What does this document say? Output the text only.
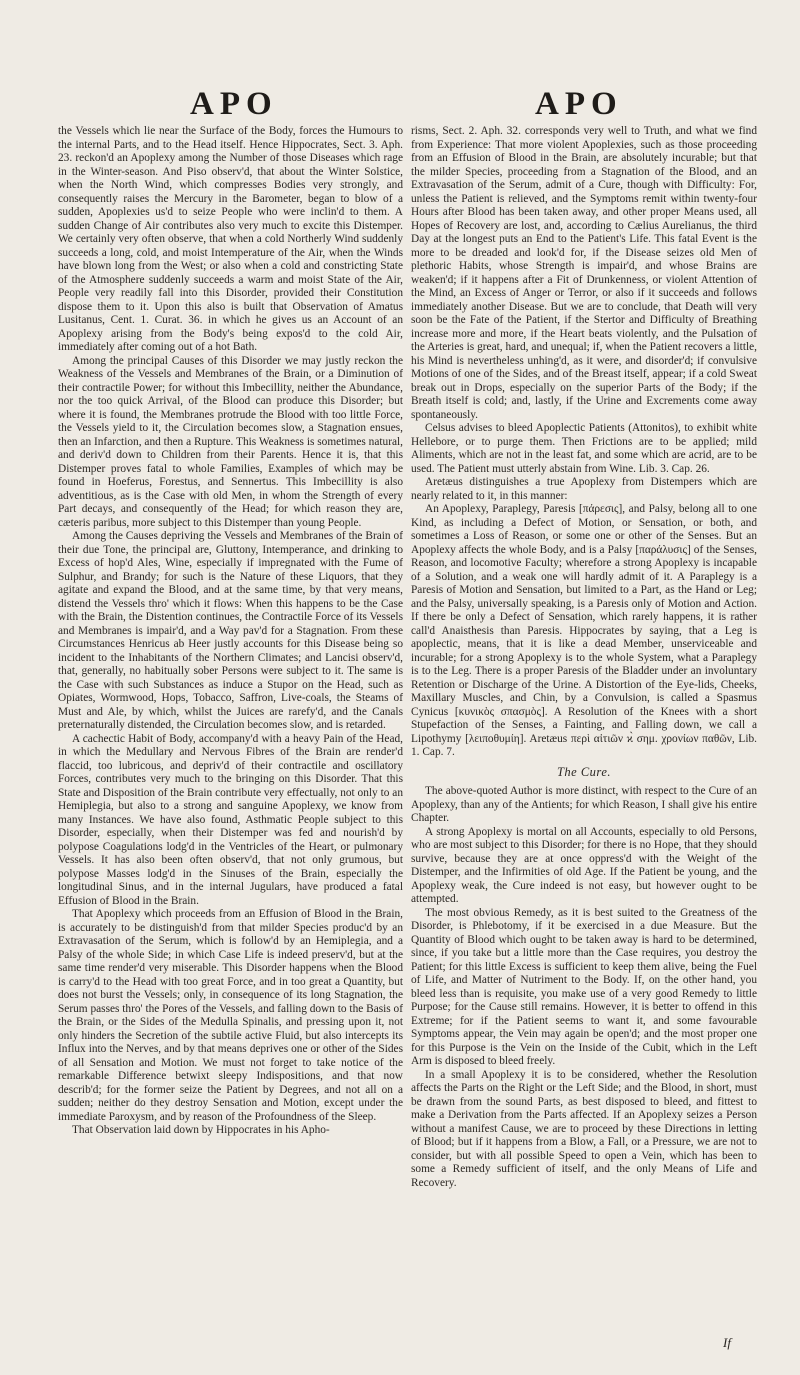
APO	APO

the Vessels which lie near the Surface of the Body, forces the Humours to the internal Parts, and to the Head itself. Hence Hippocrates, Sect. 3. Aph. 23. reckon'd an Apoplexy among the Number of those Diseases which rage in the Winter-season. And Piso observ'd, that about the Winter Solstice, when the North Wind, which compresses Bodies very strongly, and consequently raises the Mercury in the Barometer, began to blow of a sudden, Apoplexies us'd to seize People who were inclin'd to them. A sudden Change of Air contributes also very much to excite this Distemper. We certainly very often observe, that when a cold Northerly Wind suddenly succeeds a long, cold, and moist Intemperature of the Air, when the Winds have blown long from the West; or also when a cold and constricting State of the Atmosphere suddenly succeeds a warm and moist State of the Air, People very readily fall into this Disorder, provided their Constitution dispose them to it. Upon this also is built that Observation of Amatus Lusitanus, Cent. 1. Curat. 36. in which he gives us an Account of an Apoplexy arising from the Body's being expos'd to the cold Air, immediately after coming out of a hot Bath.

Among the principal Causes of this Disorder we may justly reckon the Weakness of the Vessels and Membranes of the Brain, or a Diminution of their contractile Power; for without this Imbecillity, neither the Abundance, nor the too quick Arrival, of the Blood can produce this Disorder; but where it is found, the Membranes protrude the Blood with too little Force, the Vessels yield to it, the Circulation becomes slow, a Stagnation ensues, then an Infarction, and then a Rupture. This Weakness is sometimes natural, and deriv'd down to Children from their Parents. Hence it is, that this Distemper proves fatal to whole Families, Examples of which may be found in Hoeferus, Forestus, and Sennertus. This Imbecillity is also adventitious, as is the Case with old Men, in whom the Strength of every Part decays, and consequently of the Head; for which reason they are, cæteris paribus, more subject to this Distemper than young People.

Among the Causes depriving the Vessels and Membranes of the Brain of their due Tone, the principal are, Gluttony, Intemperance, and drinking to Excess of hop'd Ales, Wine, especially if impregnated with the Fume of Sulphur, and Brandy; for such is the Nature of these Liquors, that they agitate and expand the Blood, and at the same time, by that very means, distend the Vessels thro' which it flows: When this happens to be the Case with the Brain, the Distention continues, the Contractile Force of its Vessels and Membranes is impair'd, and a Way pav'd for a Stagnation. From these Circumstances Henricus ab Heer justly accounts for this Disease being so incident to the Inhabitants of the Northern Climates; and Lancisi observ'd, that, generally, no habitually sober Persons were subject to it. The same is the Case with such Substances as induce a Stupor on the Head, such as Opiates, Wormwood, Hops, Tobacco, Saffron, Live-coals, the Steams of Must and Ale, by which, whilst the Juices are rarefy'd, and the Canals preternaturally distended, the Circulation becomes slow, and is retarded.

A cachectic Habit of Body, accompany'd with a heavy Pain of the Head, in which the Medullary and Nervous Fibres of the Brain are render'd flaccid, too lubricous, and depriv'd of their contractile and oscillatory Forces, contributes very much to the bringing on this Disorder. That this State and Disposition of the Brain contribute very effectually, not only to an Hemiplegia, but also to a strong and sanguine Apoplexy, we know from many Instances. We have also found, Asthmatic People subject to this Disorder, especially, when their Distemper was fed and nourish'd by polypose Coagulations lodg'd in the Ventricles of the Heart, or pulmonary Vessels. It has also been often observ'd, that not only grumous, but polypose Masses lodg'd in the Sinuses of the Brain, especially the longitudinal Sinus, and in the internal Jugulars, have produced a fatal Effusion of Blood in the Brain.

That Apoplexy which proceeds from an Effusion of Blood in the Brain, is accurately to be distinguish'd from that milder Species produc'd by an Extravasation of the Serum, which is follow'd by an Hemiplegia, and a Palsy of the whole Side; in which Case Life is indeed preserv'd, but at the same time render'd very miserable. This Disorder happens when the Blood is carry'd to the Head with too great Force, and in too great a Quantity, but does not burst the Vessels; only, in consequence of its long Stagnation, the Serum passes thro' the Pores of the Vessels, and falling down to the Basis of the Brain, or the Sides of the Medulla Spinalis, and pressing upon it, not only hinders the Secretion of the subtile active Fluid, but also intercepts its Influx into the Nerves, and by that means deprives one or other of the Sides of all Sensation and Motion. We must not forget to take notice of the remarkable Difference betwixt sleepy Indispositions, and that now describ'd; for the former seize the Patient by Degrees, and not all on a sudden; neither do they destroy Sensation and Motion, except under the immediate Paroxysm, and by reason of the Profoundness of the Sleep.

That Observation laid down by Hippocrates in his Apho-

risms, Sect. 2. Aph. 32. corresponds very well to Truth, and what we find from Experience: That more violent Apoplexies, such as those proceeding from an Effusion of Blood in the Brain, are absolutely incurable; but that the milder Species, proceeding from a Stagnation of the Blood, and an Extravasation of the Serum, admit of a Cure, though with Difficulty: For, unless the Patient is relieved, and the Symptoms remit within twenty-four Hours after Blood has been taken away, and other proper Means used, all Hopes of Recovery are lost, and, according to Cælius Aurelianus, the third Day at the longest puts an End to the Patient's Life. This fatal Event is the more to be dreaded and look'd for, if the Disease seizes old Men of plethoric Habits, whose Strength is impair'd, and whose Brains are weaken'd; if it happens after a Fit of Drunkenness, or violent Attention of the Mind, an Excess of Anger or Terror, or also if it succeeds and follows immediately another Disease. But we are to conclude, that Death will very soon be the Fate of the Patient, if the Stertor and Difficulty of Breathing increase more and more, if the Heart beats violently, and the Pulsation of the Arteries is great, hard, and unequal; if, when the Patient recovers a little, his Mind is nevertheless unhing'd, as it were, and disorder'd; if convulsive Motions of one of the Sides, and of the Breast itself, appear; if a cold Sweat break out in Drops, especially on the superior Parts of the Body; if the Breath itself is cold; and, lastly, if the Urine and Excrements come away spontaneously.

Celsus advises to bleed Apoplectic Patients (Attonitos), to exhibit white Hellebore, or to purge them. Then Frictions are to be applied; mild Aliments, which are not in the least fat, and some which are acrid, are to be used. The Patient must utterly abstain from Wine. Lib. 3. Cap. 26.

Aretæus distinguishes a true Apoplexy from Distempers which are nearly related to it, in this manner:

An Apoplexy, Paraplegy, Paresis [πάρεσις], and Palsy, belong all to one Kind, as including a Defect of Motion, or Sensation, or both, and sometimes a Loss of Reason, or some one or other of the Senses. But an Apoplexy affects the whole Body, and is a Palsy [παράλυσις] of the Senses, Reason, and locomotive Faculty; wherefore a strong Apoplexy is incapable of a Solution, and a weak one will hardly admit of it. A Paraplegy is a Paresis of Motion and Sensation, but limited to a Part, as the Hand or Leg; and the Palsy, universally speaking, is a Paresis only of Motion and Action. If there be only a Defect of Sensation, which rarely happens, it is rather call'd Anaisthesis than Paresis. Hippocrates by saying, that a Leg is apoplectic, means, that it is like a dead Member, unserviceable and incurable; for a strong Apoplexy is to the whole System, what a Paraplegy is to the Leg. There is a proper Paresis of the Bladder under an involuntary Retention or Discharge of the Urine. A Distortion of the Eye-lids, Cheeks, Maxillary Muscles, and Chin, by a Convulsion, is called a Spasmus Cynicus [κυνικὸς σπασμὸς]. A Resolution of the Knees with a short Stupefaction of the Senses, a Fainting, and Falling down, we call a Lipothymy [λειποθυμίη]. Aretæus περὶ αἰτιῶν ϰ̀ σημ. χρονίων παθῶν, Lib. 1. Cap. 7.

The Cure.

The above-quoted Author is more distinct, with respect to the Cure of an Apoplexy, than any of the Antients; for which Reason, I shall give his entire Chapter.

A strong Apoplexy is mortal on all Accounts, especially to old Persons, who are most subject to this Disorder; for there is no Hope, that they should survive, because they are at once oppress'd with the Weight of the Distemper, and the Infirmities of old Age. If the Patient be young, and the Apoplexy weak, the Cure indeed is not easy, but however ought to be attempted.

The most obvious Remedy, as it is best suited to the Greatness of the Disorder, is Phlebotomy, if it be exercised in a due Measure. But the Quantity of Blood which ought to be taken away is hard to be determined, since, if you take but a little more than the Case requires, you destroy the Patient; for this little Excess is sufficient to keep them alive, being the Fuel of Life, and Matter of Nutriment to the Body. If, on the other hand, you bleed less than is requisite, you make use of a very good Remedy to little Purpose; for the Cause still remains. However, it is better to offend in this Extreme; for if the Patient seems to want it, and some favourable Symptoms appear, the Vein may again be open'd; and the most proper one for this Purpose is the Vein on the Inside of the Cubit, which in the Left Arm is disposed to bleed freely.

In a small Apoplexy it is to be considered, whether the Resolution affects the Parts on the Right or the Left Side; and the Blood, in short, must be drawn from the sound Parts, as best disposed to bleed, and fittest to make a Derivation from the Parts affected. If an Apoplexy seizes a Person without a manifest Cause, we are to proceed by these Directions in letting of Blood; but if it happens from a Blow, a Fall, or a Pressure, we are not to consider, but with all possible Speed to open a Vein, which has been to some a Remedy sufficient of itself, and the only Means of Life and Recovery.

If
